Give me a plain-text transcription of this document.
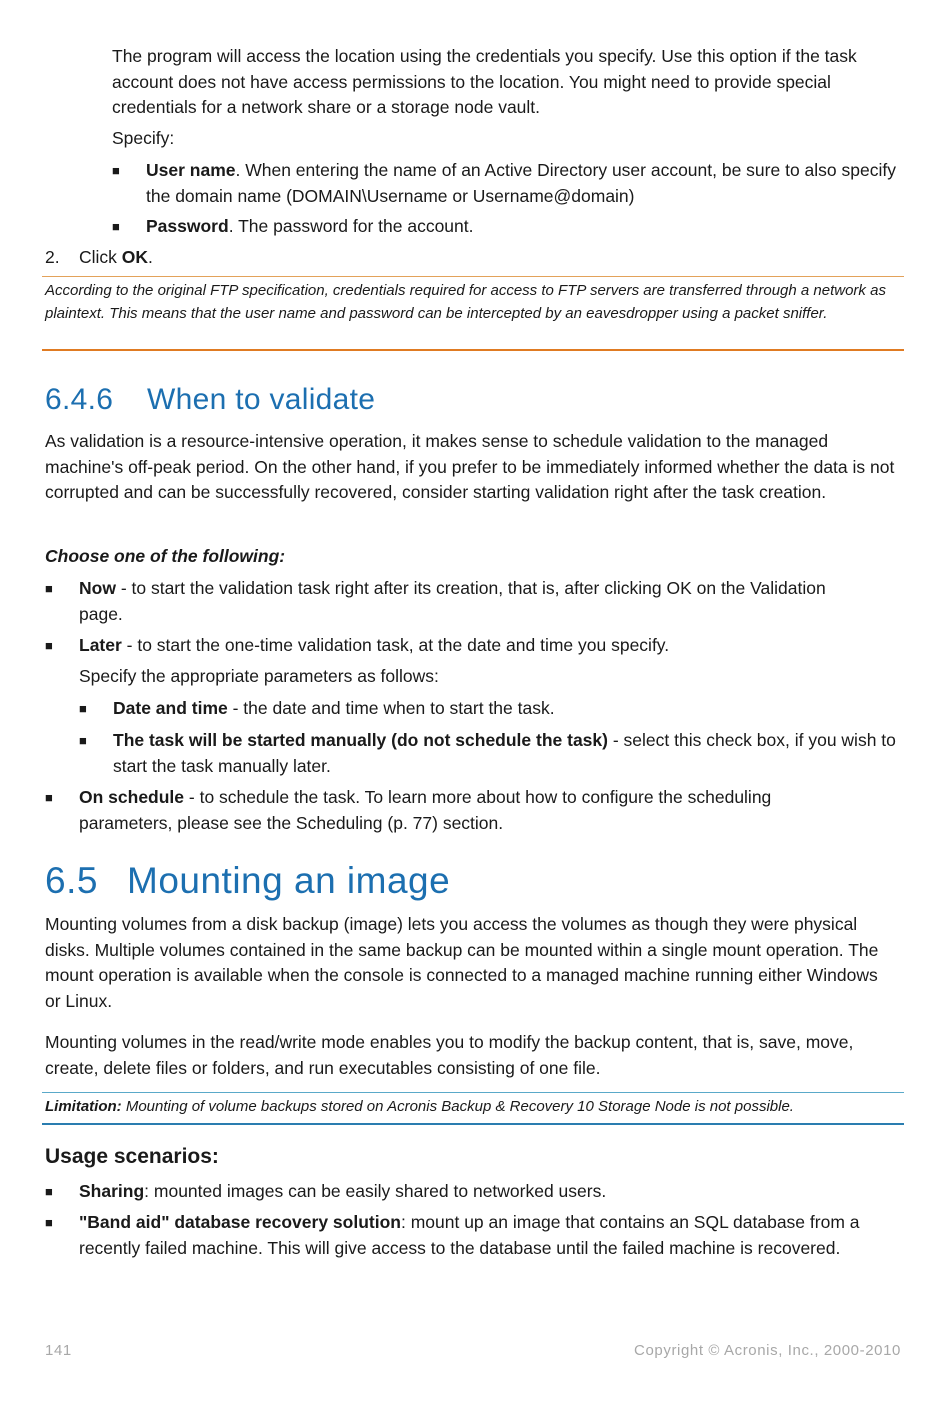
The program will access the location using the credentials you specify. Use this option if the task account does not have access permissions to the location. You might need to provide special credentials for a network share or a storage node vault.

Specify:

■	User name. When entering the name of an Active Directory user account, be sure to also specify the domain name (DOMAIN\Username or Username@domain)

■	Password. The password for the account.

2.	Click OK.

According to the original FTP specification, credentials required for access to FTP servers are transferred through a network as plaintext. This means that the user name and password can be intercepted by an eavesdropper using a packet sniffer.

6.4.6 When to validate

As validation is a resource-intensive operation, it makes sense to schedule validation to the managed machine's off-peak period. On the other hand, if you prefer to be immediately informed whether the data is not corrupted and can be successfully recovered, consider starting validation right after the task creation.

Choose one of the following:

■	Now - to start the validation task right after its creation, that is, after clicking OK on the Validation page.

■	Later - to start the one-time validation task, at the date and time you specify.

Specify the appropriate parameters as follows:

■	Date and time - the date and time when to start the task.

■	The task will be started manually (do not schedule the task) - select this check box, if you wish to start the task manually later.

■	On schedule - to schedule the task. To learn more about how to configure the scheduling parameters, please see the Scheduling (p. 77) section.

6.5 Mounting an image

Mounting volumes from a disk backup (image) lets you access the volumes as though they were physical disks. Multiple volumes contained in the same backup can be mounted within a single mount operation. The mount operation is available when the console is connected to a managed machine running either Windows or Linux.

Mounting volumes in the read/write mode enables you to modify the backup content, that is, save, move, create, delete files or folders, and run executables consisting of one file.

Limitation: Mounting of volume backups stored on Acronis Backup & Recovery 10 Storage Node is not possible.

Usage scenarios:

■	Sharing: mounted images can be easily shared to networked users.

■	"Band aid" database recovery solution: mount up an image that contains an SQL database from a recently failed machine. This will give access to the database until the failed machine is recovered.

141	Copyright © Acronis, Inc., 2000-2010
